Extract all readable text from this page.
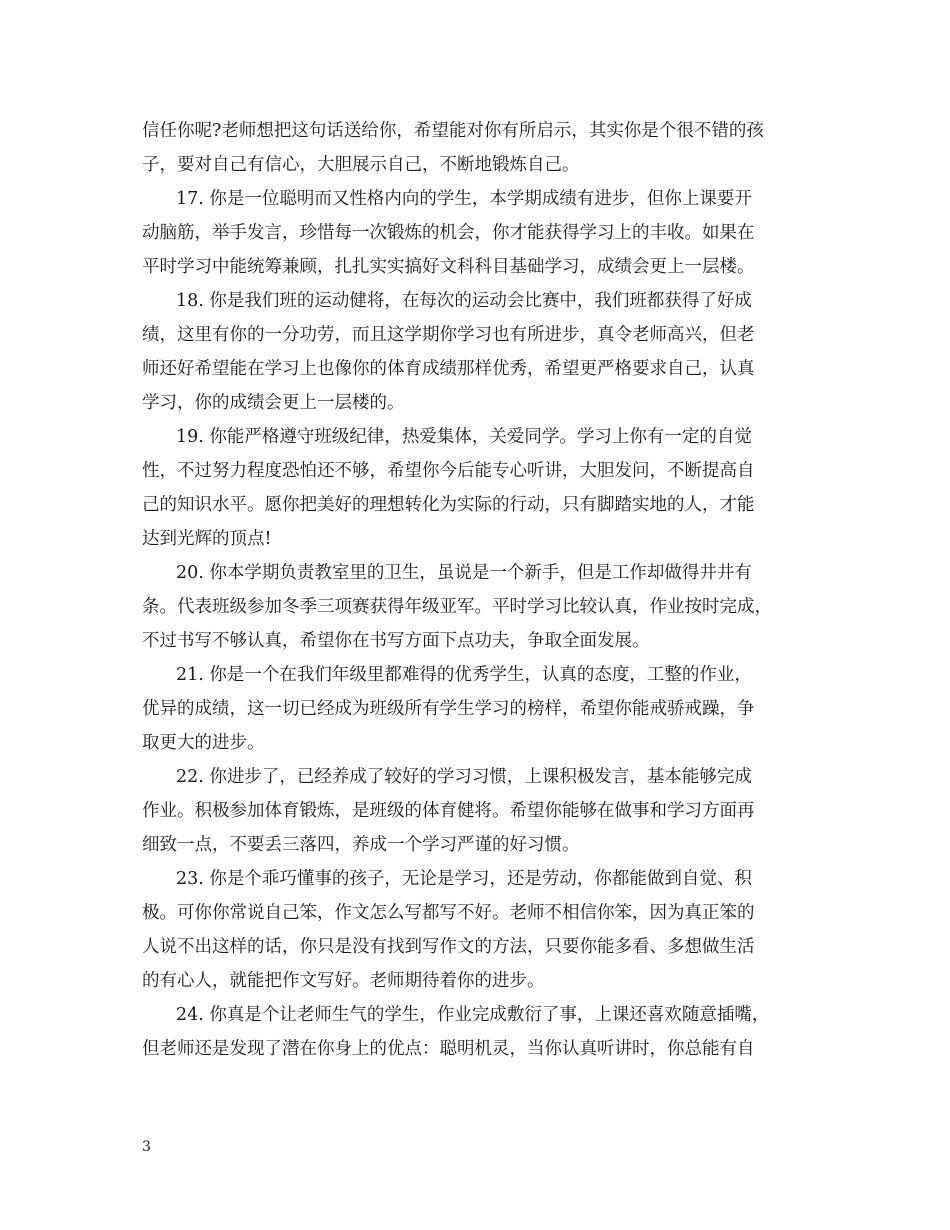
信任你呢?老师想把这句话送给你，希望能对你有所启示，其实你是个很不错的孩
子，要对自己有信心，大胆展示自己，不断地锻炼自己。
17. 你是一位聪明而又性格内向的学生，本学期成绩有进步，但你上课要开
动脑筋，举手发言，珍惜每一次锻炼的机会，你才能获得学习上的丰收。如果在
平时学习中能统筹兼顾，扎扎实实搞好文科科目基础学习，成绩会更上一层楼。
18. 你是我们班的运动健将，在每次的运动会比赛中，我们班都获得了好成
绩，这里有你的一分功劳，而且这学期你学习也有所进步，真令老师高兴，但老
师还好希望能在学习上也像你的体育成绩那样优秀，希望更严格要求自己，认真
学习，你的成绩会更上一层楼的。
19. 你能严格遵守班级纪律，热爱集体，关爱同学。学习上你有一定的自觉
性，不过努力程度恐怕还不够，希望你今后能专心听讲，大胆发问，不断提高自
己的知识水平。愿你把美好的理想转化为实际的行动，只有脚踏实地的人，才能
达到光辉的顶点!
20. 你本学期负责教室里的卫生，虽说是一个新手，但是工作却做得井井有
条。代表班级参加冬季三项赛获得年级亚军。平时学习比较认真，作业按时完成，
不过书写不够认真，希望你在书写方面下点功夫，争取全面发展。
21. 你是一个在我们年级里都难得的优秀学生，认真的态度，工整的作业，
优异的成绩，这一切已经成为班级所有学生学习的榜样，希望你能戒骄戒躁，争
取更大的进步。
22. 你进步了，已经养成了较好的学习习惯，上课积极发言，基本能够完成
作业。积极参加体育锻炼，是班级的体育健将。希望你能够在做事和学习方面再
细致一点，不要丢三落四，养成一个学习严谨的好习惯。
23. 你是个乖巧懂事的孩子，无论是学习，还是劳动，你都能做到自觉、积
极。可你你常说自己笨，作文怎么写都写不好。老师不相信你笨，因为真正笨的
人说不出这样的话，你只是没有找到写作文的方法，只要你能多看、多想做生活
的有心人，就能把作文写好。老师期待着你的进步。
24. 你真是个让老师生气的学生，作业完成敷衍了事，上课还喜欢随意插嘴，
但老师还是发现了潜在你身上的优点：聪明机灵，当你认真听讲时，你总能有自
3
